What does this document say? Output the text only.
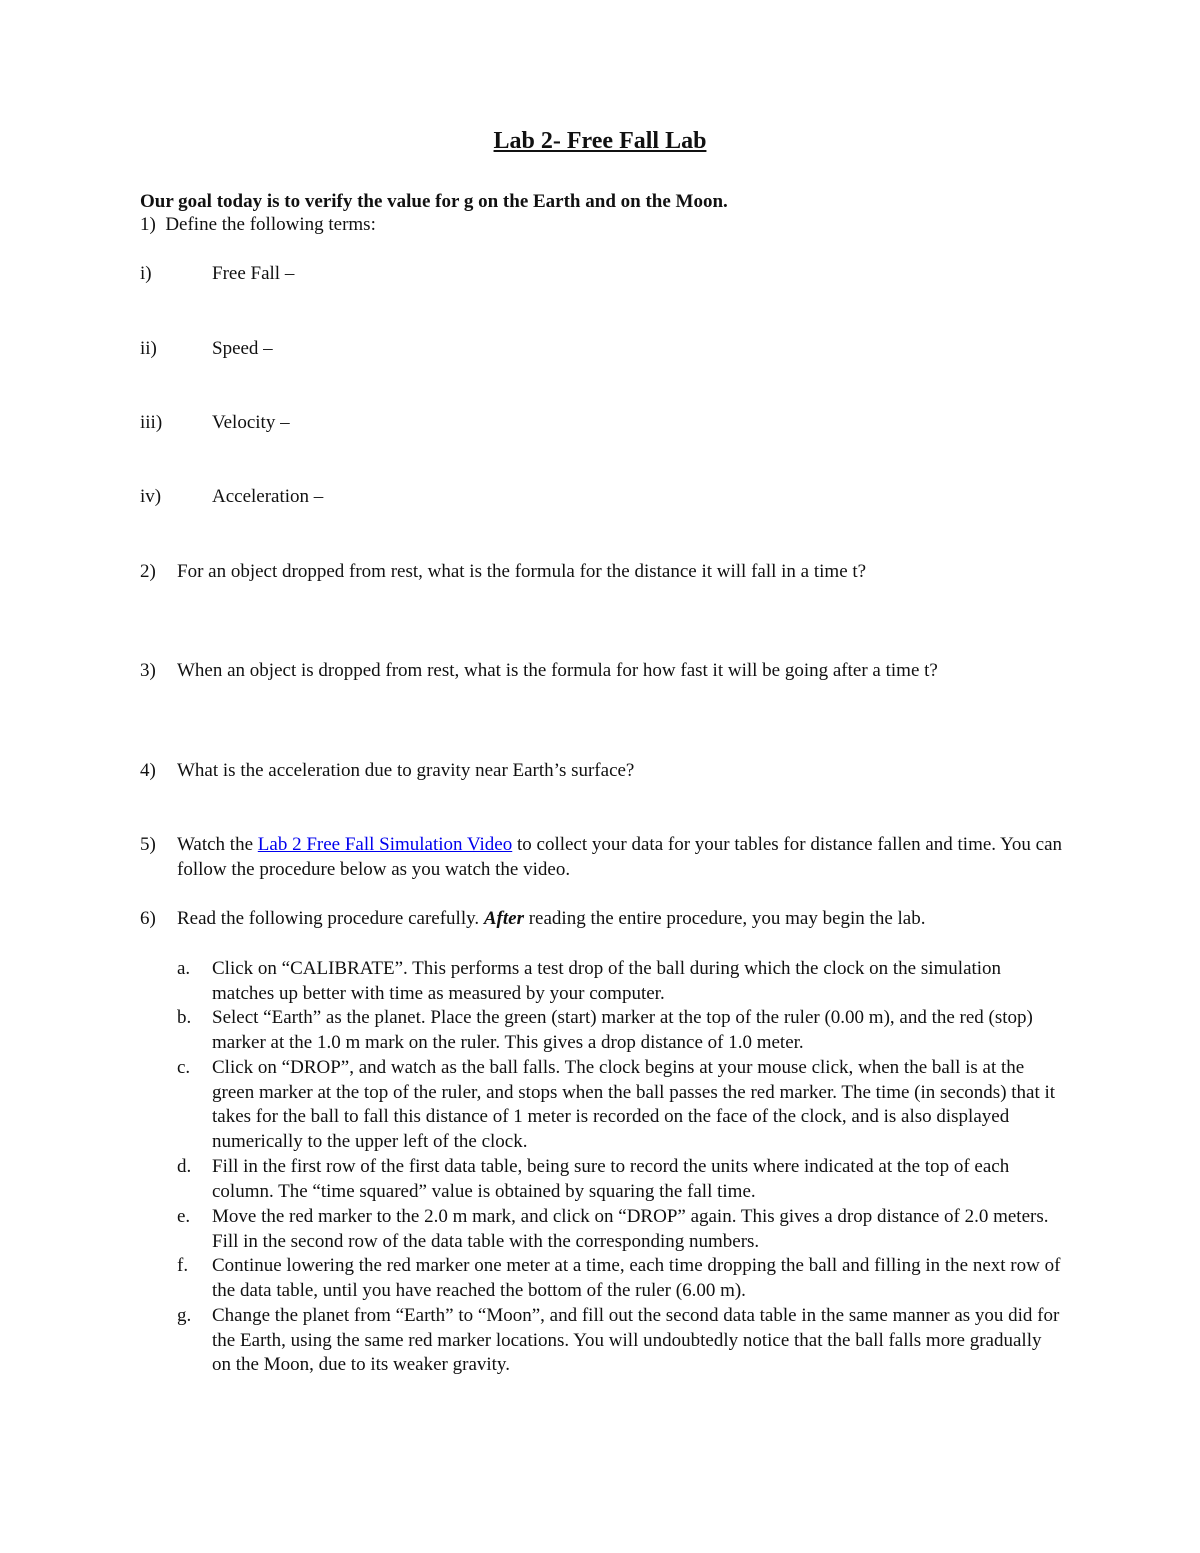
Lab 2- Free Fall Lab
Our goal today is to verify the value for g on the Earth and on the Moon.
1) Define the following terms:
i)	Free Fall –
ii)	Speed –
iii)	Velocity –
iv)	Acceleration –
2) For an object dropped from rest, what is the formula for the distance it will fall in a time t?
3) When an object is dropped from rest, what is the formula for how fast it will be going after a time t?
4) What is the acceleration due to gravity near Earth’s surface?
5) Watch the Lab 2 Free Fall Simulation Video to collect your data for your tables for distance fallen and time. You can follow the procedure below as you watch the video.
6) Read the following procedure carefully. After reading the entire procedure, you may begin the lab.
a. Click on “CALIBRATE”. This performs a test drop of the ball during which the clock on the simulation matches up better with time as measured by your computer.
b. Select “Earth” as the planet. Place the green (start) marker at the top of the ruler (0.00 m), and the red (stop) marker at the 1.0 m mark on the ruler. This gives a drop distance of 1.0 meter.
c. Click on “DROP”, and watch as the ball falls. The clock begins at your mouse click, when the ball is at the green marker at the top of the ruler, and stops when the ball passes the red marker. The time (in seconds) that it takes for the ball to fall this distance of 1 meter is recorded on the face of the clock, and is also displayed numerically to the upper left of the clock.
d. Fill in the first row of the first data table, being sure to record the units where indicated at the top of each column. The “time squared” value is obtained by squaring the fall time.
e. Move the red marker to the 2.0 m mark, and click on “DROP” again. This gives a drop distance of 2.0 meters. Fill in the second row of the data table with the corresponding numbers.
f. Continue lowering the red marker one meter at a time, each time dropping the ball and filling in the next row of the data table, until you have reached the bottom of the ruler (6.00 m).
g. Change the planet from “Earth” to “Moon”, and fill out the second data table in the same manner as you did for the Earth, using the same red marker locations. You will undoubtedly notice that the ball falls more gradually on the Moon, due to its weaker gravity.
